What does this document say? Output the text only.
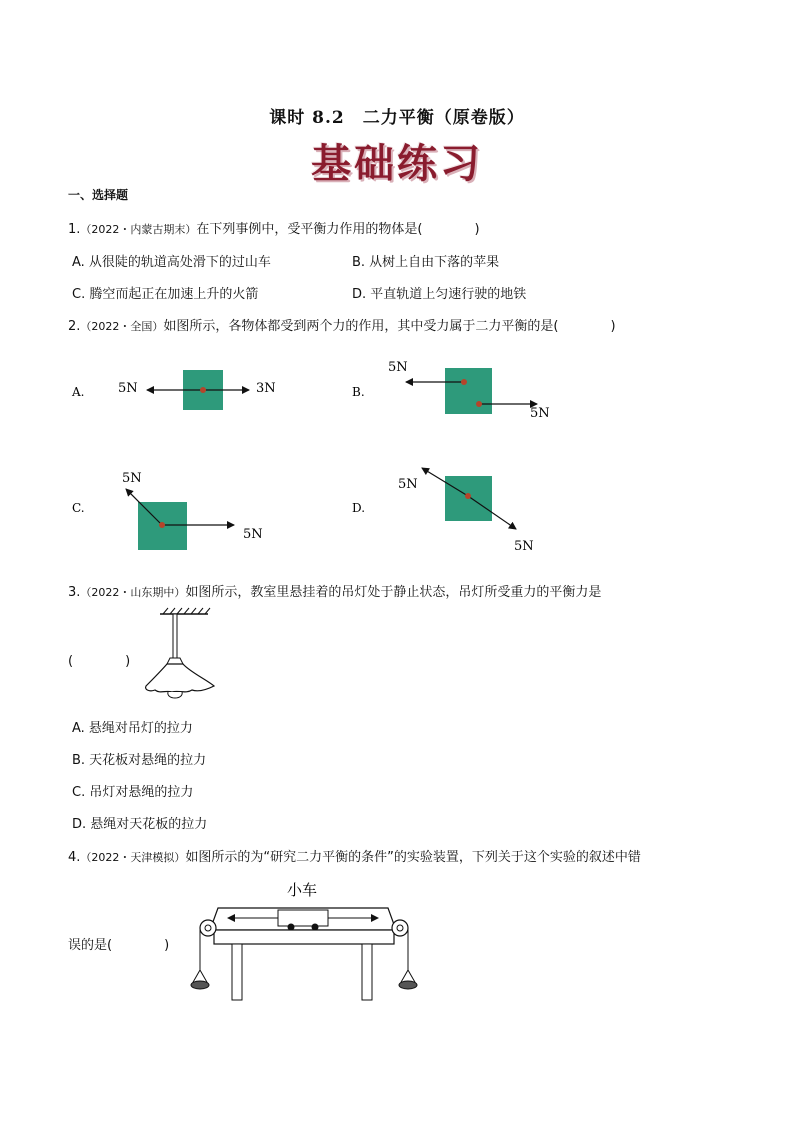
课时 8.2　二力平衡（原卷版）
基础练习
一、选择题
1.（2022・内蒙古期末）在下列事例中，受平衡力作用的物体是(　　　　)
A. 从很陡的轨道高处滑下的过山车	B. 从树上自由下落的苹果
C. 腾空而起正在加速上升的火箭	D. 平直轨道上匀速行驶的地铁
2.（2022・全国）如图所示，各物体都受到两个力的作用，其中受力属于二力平衡的是(　　　　)
A.	5N	3N	B.
5N
5N
C.
5N
5N
D.
5N
5N
小车
3.（2022・山东期中）如图所示，教室里悬挂着的吊灯处于静止状态，吊灯所受重力的平衡力是
(　　　　)
A. 悬绳对吊灯的拉力
B. 天花板对悬绳的拉力
C. 吊灯对悬绳的拉力
D. 悬绳对天花板的拉力
4.（2022・天津模拟）如图所示的为“研究二力平衡的条件”的实验装置，下列关于这个实验的叙述中错
误的是(　　　　)
